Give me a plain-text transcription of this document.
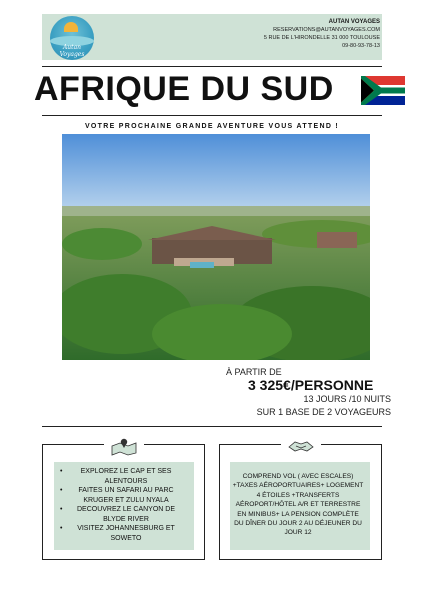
Autan Voyages
AUTAN VOYAGES
RESERVATIONS@AUTANVOYAGES.COM
5 RUE DE L'HIRONDELLE 31 000 TOULOUSE
09-80-93-78-13
AFRIQUE DU SUD
VOTRE PROCHAINE GRANDE AVENTURE VOUS ATTEND !
À PARTIR DE
3 325€/PERSONNE
13 JOURS /10 NUITS
SUR 1 BASE DE 2 VOYAGEURS
•	EXPLOREZ LE CAP ET SES ALENTOURS
• FAITES UN SAFARI AU PARC KRUGER ET ZULU NYALA
• DECOUVREZ LE CANYON DE BLYDE RIVER
• VISITEZ JOHANNESBURG ET SOWETO
COMPREND VOL ( AVEC ESCALES) +TAXES AÉROPORTUAIRES+ LOGEMENT 4 ÉTOILES +TRANSFERTS AÉROPORT/HÔTEL A/R ET TERRESTRE EN MINIBUS+ LA PENSION COMPLÈTE DU DÎNER DU JOUR 2 AU DÉJEUNER DU JOUR 12
